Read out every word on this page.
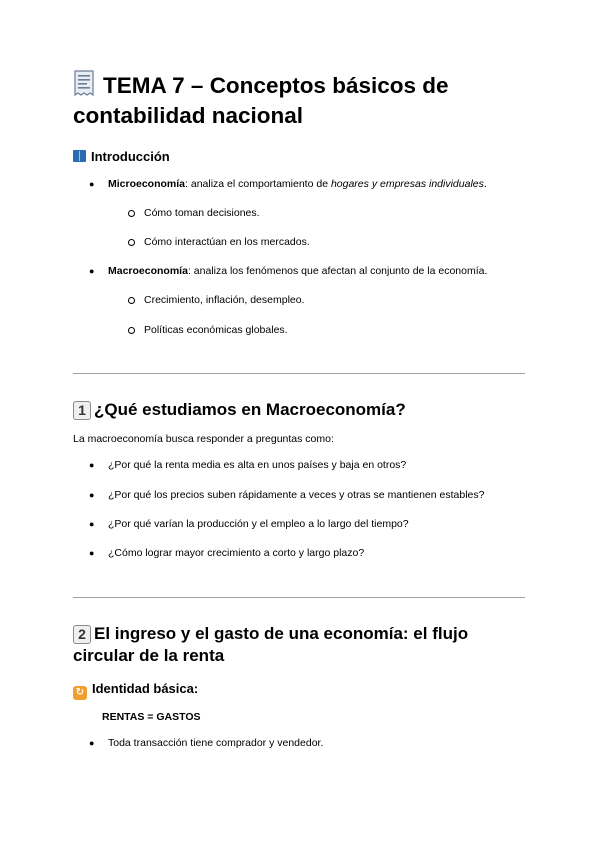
TEMA 7 – Conceptos básicos de contabilidad nacional
Introducción
● Microeconomía: analiza el comportamiento de hogares y empresas individuales.
Cómo toman decisiones.
Cómo interactúan en los mercados.
● Macroeconomía: analiza los fenómenos que afectan al conjunto de la economía.
Crecimiento, inflación, desempleo.
Políticas económicas globales.
1 ¿Qué estudiamos en Macroeconomía?
La macroeconomía busca responder a preguntas como:
● ¿Por qué la renta media es alta en unos países y baja en otros?
● ¿Por qué los precios suben rápidamente a veces y otras se mantienen estables?
● ¿Por qué varían la producción y el empleo a lo largo del tiempo?
● ¿Cómo lograr mayor crecimiento a corto y largo plazo?
2 El ingreso y el gasto de una economía: el flujo
circular de la renta
↻ Identidad básica:
RENTAS = GASTOS
● Toda transacción tiene comprador y vendedor.
